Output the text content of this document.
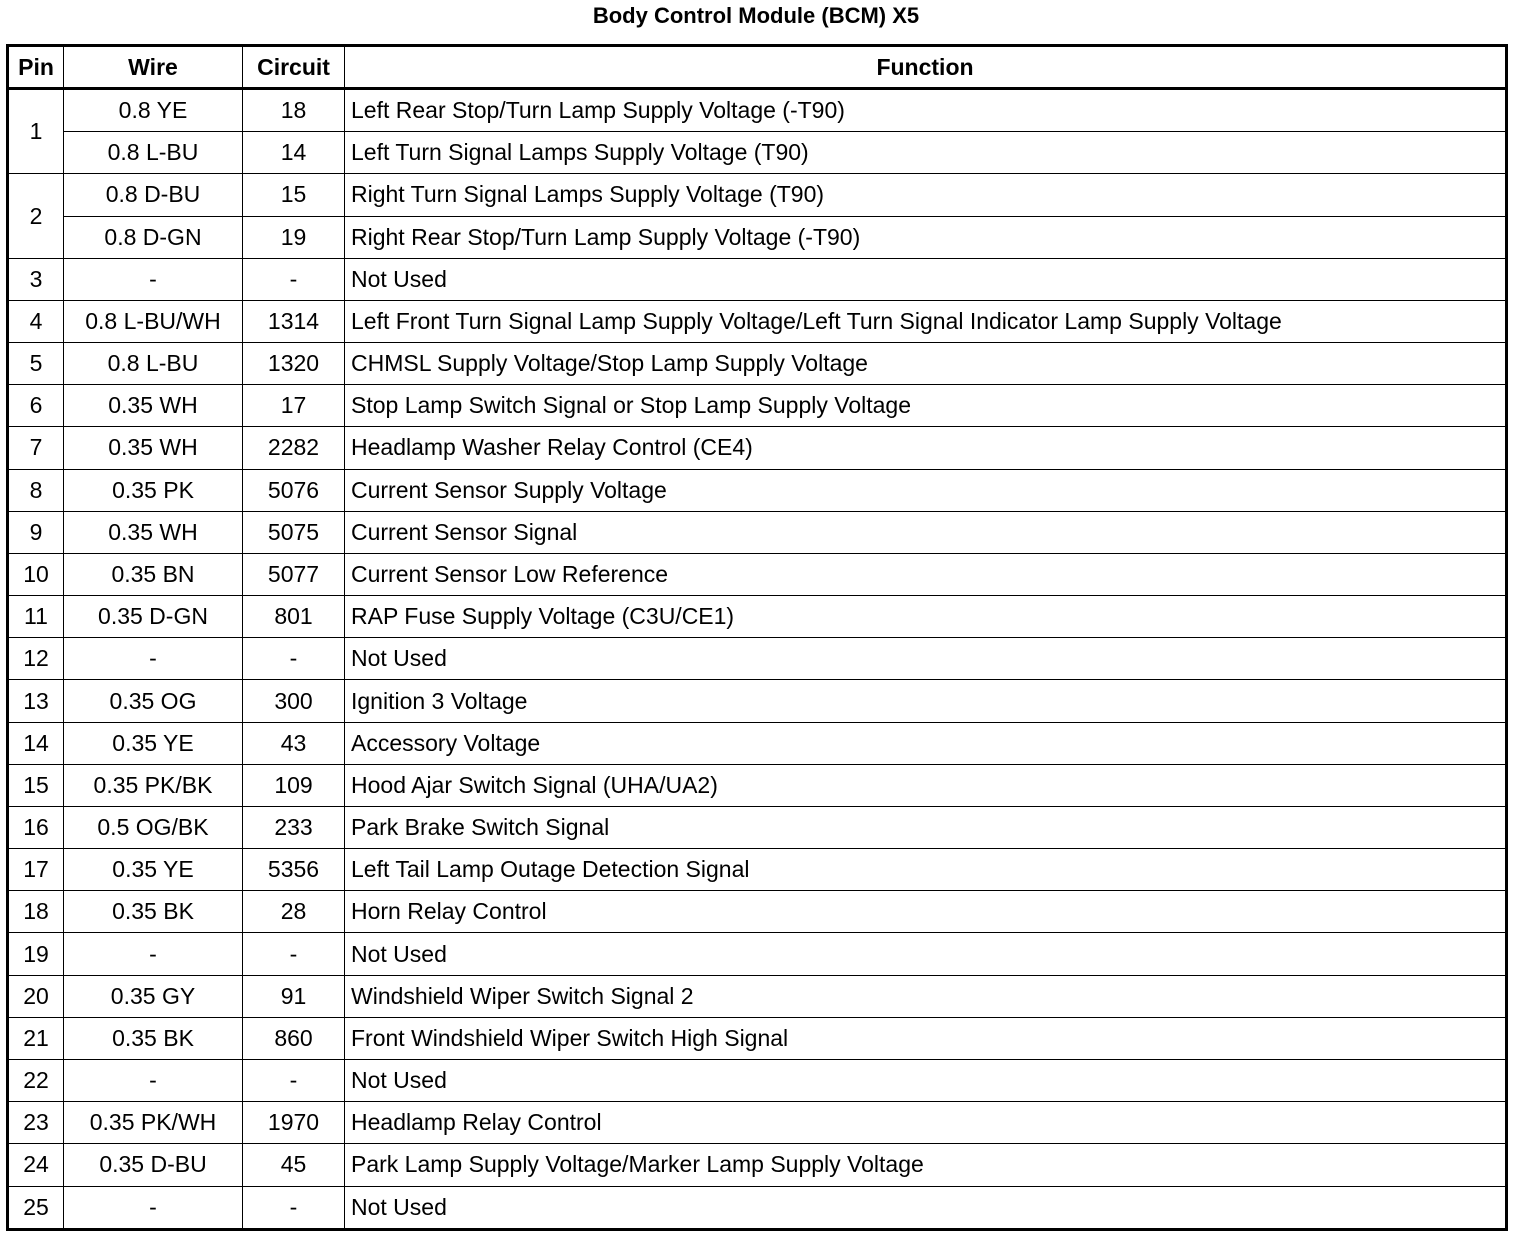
Body Control Module (BCM) X5
Pin	Wire	Circuit	Function
1	0.8 YE	18	Left Rear Stop/Turn Lamp Supply Voltage (-T90)
	0.8 L-BU	14	Left Turn Signal Lamps Supply Voltage (T90)
2	0.8 D-BU	15	Right Turn Signal Lamps Supply Voltage (T90)
	0.8 D-GN	19	Right Rear Stop/Turn Lamp Supply Voltage (-T90)
3	-	-	Not Used
4	0.8 L-BU/WH	1314	Left Front Turn Signal Lamp Supply Voltage/Left Turn Signal Indicator Lamp Supply Voltage
5	0.8 L-BU	1320	CHMSL Supply Voltage/Stop Lamp Supply Voltage
6	0.35 WH	17	Stop Lamp Switch Signal or Stop Lamp Supply Voltage
7	0.35 WH	2282	Headlamp Washer Relay Control (CE4)
8	0.35 PK	5076	Current Sensor Supply Voltage
9	0.35 WH	5075	Current Sensor Signal
10	0.35 BN	5077	Current Sensor Low Reference
11	0.35 D-GN	801	RAP Fuse Supply Voltage (C3U/CE1)
12	-	-	Not Used
13	0.35 OG	300	Ignition 3 Voltage
14	0.35 YE	43	Accessory Voltage
15	0.35 PK/BK	109	Hood Ajar Switch Signal (UHA/UA2)
16	0.5 OG/BK	233	Park Brake Switch Signal
17	0.35 YE	5356	Left Tail Lamp Outage Detection Signal
18	0.35 BK	28	Horn Relay Control
19	-	-	Not Used
20	0.35 GY	91	Windshield Wiper Switch Signal 2
21	0.35 BK	860	Front Windshield Wiper Switch High Signal
22	-	-	Not Used
23	0.35 PK/WH	1970	Headlamp Relay Control
24	0.35 D-BU	45	Park Lamp Supply Voltage/Marker Lamp Supply Voltage
25	-	-	Not Used
